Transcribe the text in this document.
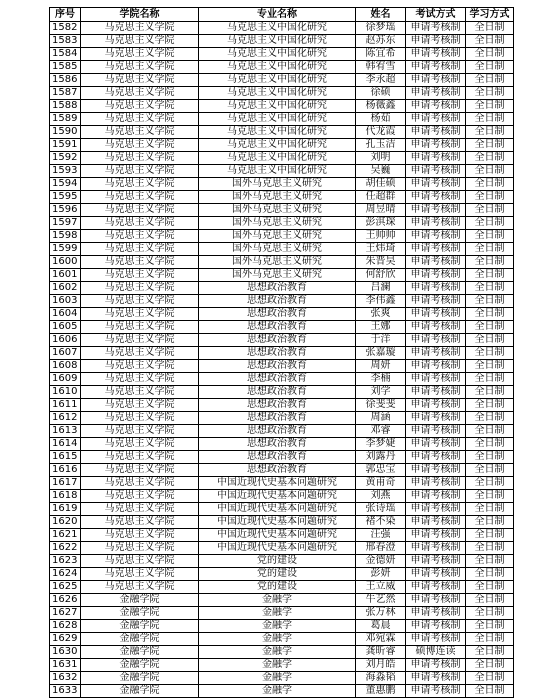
序号	学院名称	专业名称	姓名	考试方式	学习方式
1582	马克思主义学院	马克思主义中国化研究	徐梦瑶	申请考核制	全日制
1583	马克思主义学院	马克思主义中国化研究	赵苏东	申请考核制	全日制
1584	马克思主义学院	马克思主义中国化研究	陈宜希	申请考核制	全日制
1585	马克思主义学院	马克思主义中国化研究	韩宥雪	申请考核制	全日制
1586	马克思主义学院	马克思主义中国化研究	李永超	申请考核制	全日制
1587	马克思主义学院	马克思主义中国化研究	徐硕	申请考核制	全日制
1588	马克思主义学院	马克思主义中国化研究	杨薇鑫	申请考核制	全日制
1589	马克思主义学院	马克思主义中国化研究	杨茹	申请考核制	全日制
1590	马克思主义学院	马克思主义中国化研究	代龙霞	申请考核制	全日制
1591	马克思主义学院	马克思主义中国化研究	孔玉洁	申请考核制	全日制
1592	马克思主义学院	马克思主义中国化研究	刘明	申请考核制	全日制
1593	马克思主义学院	马克思主义中国化研究	吴巍	申请考核制	全日制
1594	马克思主义学院	国外马克思主义研究	胡佳硕	申请考核制	全日制
1595	马克思主义学院	国外马克思主义研究	任超群	申请考核制	全日制
1596	马克思主义学院	国外马克思主义研究	周昱晴	申请考核制	全日制
1597	马克思主义学院	国外马克思主义研究	彭淇琛	申请考核制	全日制
1598	马克思主义学院	国外马克思主义研究	王帅帅	申请考核制	全日制
1599	马克思主义学院	国外马克思主义研究	王炜琦	申请考核制	全日制
1600	马克思主义学院	国外马克思主义研究	朱晋昊	申请考核制	全日制
1601	马克思主义学院	国外马克思主义研究	何舒欣	申请考核制	全日制
1602	马克思主义学院	思想政治教育	吕澜	申请考核制	全日制
1603	马克思主义学院	思想政治教育	李伟鑫	申请考核制	全日制
1604	马克思主义学院	思想政治教育	张爽	申请考核制	全日制
1605	马克思主义学院	思想政治教育	王娜	申请考核制	全日制
1606	马克思主义学院	思想政治教育	于洋	申请考核制	全日制
1607	马克思主义学院	思想政治教育	张嘉璇	申请考核制	全日制
1608	马克思主义学院	思想政治教育	周妍	申请考核制	全日制
1609	马克思主义学院	思想政治教育	李楠	申请考核制	全日制
1610	马克思主义学院	思想政治教育	刘学	申请考核制	全日制
1611	马克思主义学院	思想政治教育	徐斐斐	申请考核制	全日制
1612	马克思主义学院	思想政治教育	周涵	申请考核制	全日制
1613	马克思主义学院	思想政治教育	邓睿	申请考核制	全日制
1614	马克思主义学院	思想政治教育	李梦婕	申请考核制	全日制
1615	马克思主义学院	思想政治教育	刘露丹	申请考核制	全日制
1616	马克思主义学院	思想政治教育	郭忠宝	申请考核制	全日制
1617	马克思主义学院	中国近现代史基本问题研究	黄甫奇	申请考核制	全日制
1618	马克思主义学院	中国近现代史基本问题研究	刘燕	申请考核制	全日制
1619	马克思主义学院	中国近现代史基本问题研究	张诗瑶	申请考核制	全日制
1620	马克思主义学院	中国近现代史基本问题研究	褚不染	申请考核制	全日制
1621	马克思主义学院	中国近现代史基本问题研究	汪强	申请考核制	全日制
1622	马克思主义学院	中国近现代史基本问题研究	邢春澄	申请考核制	全日制
1623	马克思主义学院	党的建设	金德妍	申请考核制	全日制
1624	马克思主义学院	党的建设	彭妍	申请考核制	全日制
1625	马克思主义学院	党的建设	王立威	申请考核制	全日制
1626	金融学院	金融学	牛艺然	申请考核制	全日制
1627	金融学院	金融学	张万林	申请考核制	全日制
1628	金融学院	金融学	葛晨	申请考核制	全日制
1629	金融学院	金融学	邓宛霖	申请考核制	全日制
1630	金融学院	金融学	龚昕睿	硕博连读	全日制
1631	金融学院	金融学	刘月皓	申请考核制	全日制
1632	金融学院	金融学	海淼韬	申请考核制	全日制
1633	金融学院	金融学	董惠鹏	申请考核制	全日制
